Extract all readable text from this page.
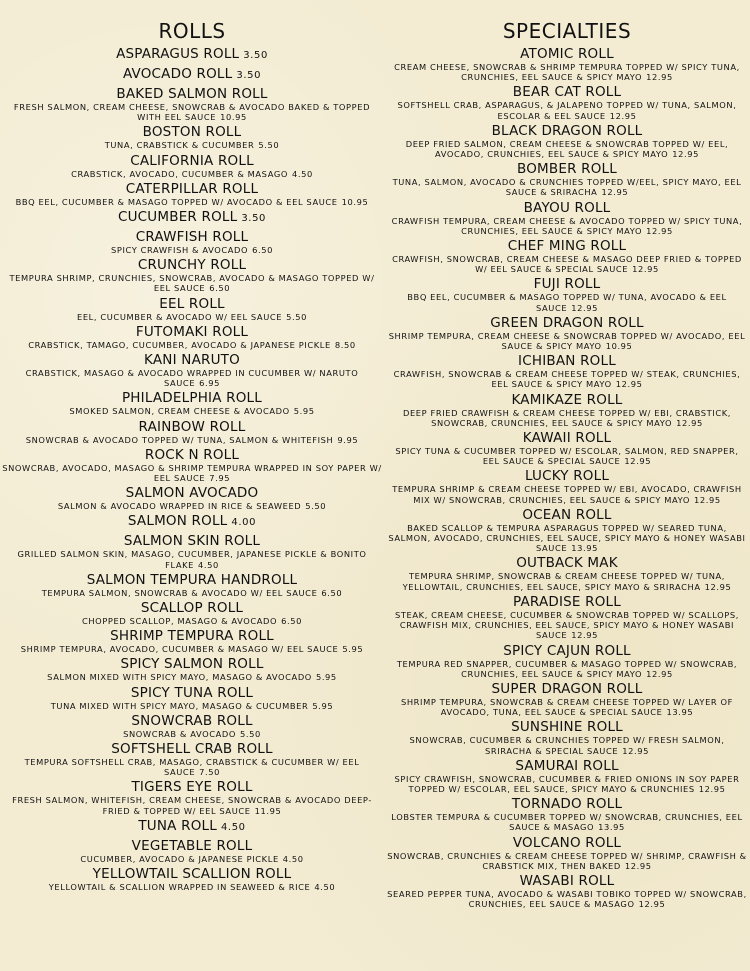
ROLLS
ASPARAGUS ROLL 3.50
AVOCADO ROLL 3.50
BAKED SALMON ROLL
FRESH SALMON, CREAM CHEESE, SNOWCRAB & AVOCADO BAKED & TOPPED WITH EEL SAUCE 10.95
BOSTON ROLL
TUNA, CRABSTICK & CUCUMBER 5.50
CALIFORNIA ROLL
CRABSTICK, AVOCADO, CUCUMBER & MASAGO 4.50
CATERPILLAR ROLL
BBQ EEL, CUCUMBER & MASAGO TOPPED W/ AVOCADO & EEL SAUCE 10.95
CUCUMBER ROLL 3.50
CRAWFISH ROLL
SPICY CRAWFISH & AVOCADO 6.50
CRUNCHY ROLL
TEMPURA SHRIMP, CRUNCHIES, SNOWCRAB, AVOCADO & MASAGO TOPPED W/ EEL SAUCE 6.50
EEL ROLL
EEL, CUCUMBER & AVOCADO W/ EEL SAUCE 5.50
FUTOMAKI ROLL
CRABSTICK, TAMAGO, CUCUMBER, AVOCADO & JAPANESE PICKLE 8.50
KANI NARUTO
CRABSTICK, MASAGO & AVOCADO WRAPPED IN CUCUMBER W/ NARUTO SAUCE 6.95
PHILADELPHIA ROLL
SMOKED SALMON, CREAM CHEESE & AVOCADO 5.95
RAINBOW ROLL
SNOWCRAB & AVOCADO TOPPED W/ TUNA, SALMON & WHITEFISH 9.95
ROCK N ROLL
SNOWCRAB, AVOCADO, MASAGO & SHRIMP TEMPURA WRAPPED IN SOY PAPER W/ EEL SAUCE 7.95
SALMON AVOCADO
SALMON & AVOCADO WRAPPED IN RICE & SEAWEED 5.50
SALMON ROLL 4.00
SALMON SKIN ROLL
GRILLED SALMON SKIN, MASAGO, CUCUMBER, JAPANESE PICKLE & BONITO FLAKE 4.50
SALMON TEMPURA HANDROLL
TEMPURA SALMON, SNOWCRAB & AVOCADO W/ EEL SAUCE 6.50
SCALLOP ROLL
CHOPPED SCALLOP, MASAGO & AVOCADO 6.50
SHRIMP TEMPURA ROLL
SHRIMP TEMPURA, AVOCADO, CUCUMBER & MASAGO W/ EEL SAUCE 5.95
SPICY SALMON ROLL
SALMON MIXED WITH SPICY MAYO, MASAGO & AVOCADO 5.95
SPICY TUNA ROLL
TUNA MIXED WITH SPICY MAYO, MASAGO & CUCUMBER 5.95
SNOWCRAB ROLL
SNOWCRAB & AVOCADO 5.50
SOFTSHELL CRAB ROLL
TEMPURA SOFTSHELL CRAB, MASAGO, CRABSTICK & CUCUMBER W/ EEL SAUCE 7.50
TIGERS EYE ROLL
FRESH SALMON, WHITEFISH, CREAM CHEESE, SNOWCRAB & AVOCADO DEEP-FRIED & TOPPED W/ EEL SAUCE 11.95
TUNA ROLL 4.50
VEGETABLE ROLL
CUCUMBER, AVOCADO & JAPANESE PICKLE 4.50
YELLOWTAIL SCALLION ROLL
YELLOWTAIL & SCALLION WRAPPED IN SEAWEED & RICE 4.50
SPECIALTIES
ATOMIC ROLL
CREAM CHEESE, SNOWCRAB & SHRIMP TEMPURA TOPPED W/ SPICY TUNA, CRUNCHIES, EEL SAUCE & SPICY MAYO 12.95
BEAR CAT ROLL
SOFTSHELL CRAB, ASPARAGUS, & JALAPENO TOPPED W/ TUNA, SALMON, ESCOLAR & EEL SAUCE 12.95
BLACK DRAGON ROLL
DEEP FRIED SALMON, CREAM CHEESE & SNOWCRAB TOPPED W/ EEL, AVOCADO, CRUNCHIES, EEL SAUCE & SPICY MAYO 12.95
BOMBER ROLL
TUNA, SALMON, AVOCADO & CRUNCHIES TOPPED W/EEL, SPICY MAYO, EEL SAUCE & SRIRACHA 12.95
BAYOU ROLL
CRAWFISH TEMPURA, CREAM CHEESE & AVOCADO TOPPED W/ SPICY TUNA, CRUNCHIES, EEL SAUCE & SPICY MAYO 12.95
CHEF MING ROLL
CRAWFISH, SNOWCRAB, CREAM CHEESE & MASAGO DEEP FRIED & TOPPED W/ EEL SAUCE & SPECIAL SAUCE 12.95
FUJI ROLL
BBQ EEL, CUCUMBER & MASAGO TOPPED W/ TUNA, AVOCADO & EEL SAUCE 12.95
GREEN DRAGON ROLL
SHRIMP TEMPURA, CREAM CHEESE & SNOWCRAB TOPPED W/ AVOCADO, EEL SAUCE & SPICY MAYO 10.95
ICHIBAN ROLL
CRAWFISH, SNOWCRAB & CREAM CHEESE TOPPED W/ STEAK, CRUNCHIES, EEL SAUCE & SPICY MAYO 12.95
KAMIKAZE ROLL
DEEP FRIED CRAWFISH & CREAM CHEESE TOPPED W/ EBI, CRABSTICK, SNOWCRAB, CRUNCHIES, EEL SAUCE & SPICY MAYO 12.95
KAWAII ROLL
SPICY TUNA & CUCUMBER TOPPED W/ ESCOLAR, SALMON, RED SNAPPER, EEL SAUCE & SPECIAL SAUCE 12.95
LUCKY ROLL
TEMPURA SHRIMP & CREAM CHEESE TOPPED W/ EBI, AVOCADO, CRAWFISH MIX W/ SNOWCRAB, CRUNCHIES, EEL SAUCE & SPICY MAYO 12.95
OCEAN ROLL
BAKED SCALLOP & TEMPURA ASPARAGUS TOPPED W/ SEARED TUNA, SALMON, AVOCADO, CRUNCHIES, EEL SAUCE, SPICY MAYO & HONEY WASABI SAUCE 13.95
OUTBACK MAK
TEMPURA SHRIMP, SNOWCRAB & CREAM CHEESE TOPPED W/ TUNA, YELLOWTAIL, CRUNCHIES, EEL SAUCE, SPICY MAYO & SRIRACHA 12.95
PARADISE ROLL
STEAK, CREAM CHEESE, CUCUMBER & SNOWCRAB TOPPED W/ SCALLOPS, CRAWFISH MIX, CRUNCHIES, EEL SAUCE, SPICY MAYO & HONEY WASABI SAUCE 12.95
SPICY CAJUN ROLL
TEMPURA RED SNAPPER, CUCUMBER & MASAGO TOPPED W/ SNOWCRAB, CRUNCHIES, EEL SAUCE & SPICY MAYO 12.95
SUPER DRAGON ROLL
SHRIMP TEMPURA, SNOWCRAB & CREAM CHEESE TOPPED W/ LAYER OF AVOCADO, TUNA, EEL SAUCE & SPECIAL SAUCE 13.95
SUNSHINE ROLL
SNOWCRAB, CUCUMBER & CRUNCHIES TOPPED W/ FRESH SALMON, SRIRACHA & SPECIAL SAUCE 12.95
SAMURAI ROLL
SPICY CRAWFISH, SNOWCRAB, CUCUMBER & FRIED ONIONS IN SOY PAPER TOPPED W/ ESCOLAR, EEL SAUCE, SPICY MAYO & CRUNCHIES 12.95
TORNADO ROLL
LOBSTER TEMPURA & CUCUMBER TOPPED W/ SNOWCRAB, CRUNCHIES, EEL SAUCE & MASAGO 13.95
VOLCANO ROLL
SNOWCRAB, CRUNCHIES & CREAM CHEESE TOPPED W/ SHRIMP, CRAWFISH & CRABSTICK MIX, THEN BAKED 12.95
WASABI ROLL
SEARED PEPPER TUNA, AVOCADO & WASABI TOBIKO TOPPED W/ SNOWCRAB, CRUNCHIES, EEL SAUCE & MASAGO 12.95
